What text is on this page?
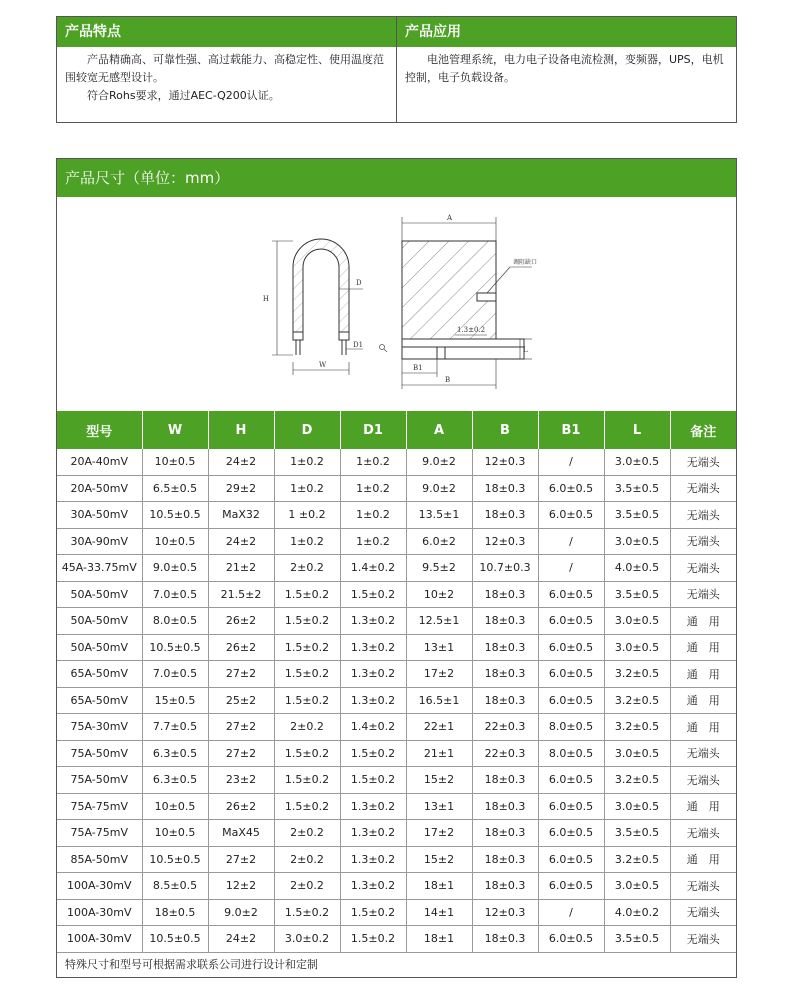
产品特点

产品精确高、可靠性强、高过载能力、高稳定性、使用温度范围较宽无感型设计。

符合Rohs要求，通过AEC-Q200认证。

产品应用

电池管理系统，电力电子设备电流检测，变频器，UPS，电机控制，电子负载设备。

产品尺寸（单位：mm）
H
D
D1
W
A
调阻缺口
1.3±0.2
L
B1
B
型号	W	H	D	D1	A	B	B1	L	备注
20A-40mV	10±0.5	24±2	1±0.2	1±0.2	9.0±2	12±0.3	/	3.0±0.5	无端头
20A-50mV	6.5±0.5	29±2	1±0.2	1±0.2	9.0±2	18±0.3	6.0±0.5	3.5±0.5	无端头
30A-50mV	10.5±0.5	MaX32	1 ±0.2	1±0.2	13.5±1	18±0.3	6.0±0.5	3.5±0.5	无端头
30A-90mV	10±0.5	24±2	1±0.2	1±0.2	6.0±2	12±0.3	/	3.0±0.5	无端头
45A-33.75mV	9.0±0.5	21±2	2±0.2	1.4±0.2	9.5±2	10.7±0.3	/	4.0±0.5	无端头
50A-50mV	7.0±0.5	21.5±2	1.5±0.2	1.5±0.2	10±2	18±0.3	6.0±0.5	3.5±0.5	无端头
50A-50mV	8.0±0.5	26±2	1.5±0.2	1.3±0.2	12.5±1	18±0.3	6.0±0.5	3.0±0.5	通　用
50A-50mV	10.5±0.5	26±2	1.5±0.2	1.3±0.2	13±1	18±0.3	6.0±0.5	3.0±0.5	通　用
65A-50mV	7.0±0.5	27±2	1.5±0.2	1.3±0.2	17±2	18±0.3	6.0±0.5	3.2±0.5	通　用
65A-50mV	15±0.5	25±2	1.5±0.2	1.3±0.2	16.5±1	18±0.3	6.0±0.5	3.2±0.5	通　用
75A-30mV	7.7±0.5	27±2	2±0.2	1.4±0.2	22±1	22±0.3	8.0±0.5	3.2±0.5	通　用
75A-50mV	6.3±0.5	27±2	1.5±0.2	1.5±0.2	21±1	22±0.3	8.0±0.5	3.0±0.5	无端头
75A-50mV	6.3±0.5	23±2	1.5±0.2	1.5±0.2	15±2	18±0.3	6.0±0.5	3.2±0.5	无端头
75A-75mV	10±0.5	26±2	1.5±0.2	1.3±0.2	13±1	18±0.3	6.0±0.5	3.0±0.5	通　用
75A-75mV	10±0.5	MaX45	2±0.2	1.3±0.2	17±2	18±0.3	6.0±0.5	3.5±0.5	无端头
85A-50mV	10.5±0.5	27±2	2±0.2	1.3±0.2	15±2	18±0.3	6.0±0.5	3.2±0.5	通　用
100A-30mV	8.5±0.5	12±2	2±0.2	1.3±0.2	18±1	18±0.3	6.0±0.5	3.0±0.5	无端头
100A-30mV	18±0.5	9.0±2	1.5±0.2	1.5±0.2	14±1	12±0.3	/	4.0±0.2	无端头
100A-30mV	10.5±0.5	24±2	3.0±0.2	1.5±0.2	18±1	18±0.3	6.0±0.5	3.5±0.5	无端头
特殊尺寸和型号可根据需求联系公司进行设计和定制
